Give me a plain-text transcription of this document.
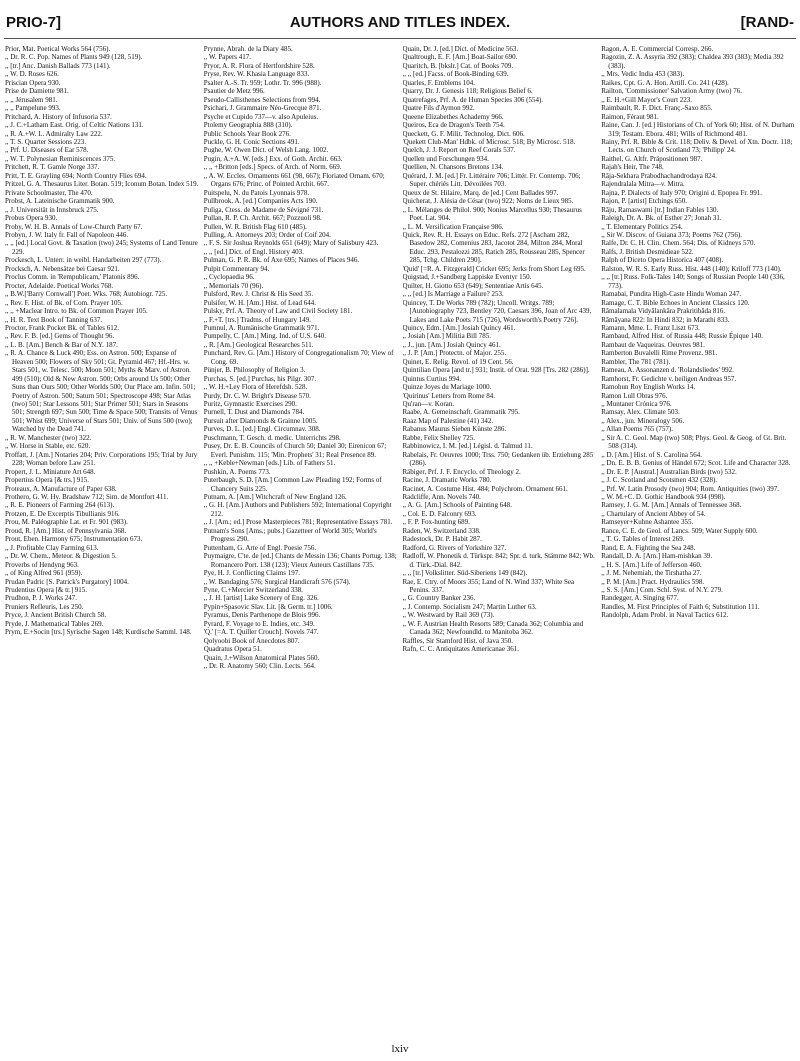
PRIO-7]	AUTHORS AND TITLES INDEX.	[RAND-

Prior, Mat. Poetical Works 564 (756).

,, Dr. R. C. Pop. Names of Plants 949 (128, 519).

,, [tr.] Anc. Danish Ballads 773 (141).

,, W. D. Roses 626.

Priscian Opera 930.

Prise de Damiette 981.

,, ,, Jérusalem 981.

,, ,, Pampelune 993.

Pritchard, A. History of Infusoria 537.

,, J. C.+Latham East. Orig. of Celtic Nations 131.

,, R. A.+W. L. Admiralty Law 222.

,, T. S. Quarter Sessions 223.

,, Prf. U. Diseases of Ear 578.

,, W. T. Polynesian Reminiscences 375.

Pritchett, R. T. Gamle Norge 337.

Pritt, T. E. Grayling 694; North Country Flies 694.

Pritzel, G. A. Thesaurus Liter. Botan. 519; Iconum Botan. Index 519.

Private Schoolmaster, The 470.

Probst, A. Lateinische Grammatik 900.

,, J. Universität in Innsbruck 275.

Probus Opera 930.

Proby, W. H. B. Annals of Low-Church Party 67.

Probyn, J. W. Italy fr. Fall of Napoleon 446.

,, ,, [ed.] Local Govt. & Taxation (two) 245; Systems of Land Tenure 229.

Prockesch, L. Unterr. in weibl. Handarbeiten 297 (773).

Procksch, A. Nebensätze bei Caesar 921.

Proclus Comm. in 'Rempublicam,' Platonis 896.

Procter, Adelaide. Poetical Works 768.

,, B.W.['Barry Cornwall'] Poet. Wks. 768; Autobiogr. 725.

,, Rev. F. Hist. of Bk. of Com. Prayer 105.

,, ,, +Maclear Intro. to Bk. of Common Prayer 105.

,, H. R. Text Book of Tanning 637.

Proctor, Frank Pocket Bk. of Tables 612.

,, Rev. F. B. [ed.] Gems of Thought 96.

,, L. B. [Am.] Bench & Bar of N.Y. 187.

,, R. A. Chance & Luck 490; Ess. on Astron. 500; Expanse of Heaven 500; Flowers of Sky 501; Gt. Pyramid 467; Hf.-Hrs. w. Stars 501, w. Telesc. 500; Moon 501; Myths & Marv. of Astron. 499 (510); Old & New Astron. 500; Orbs around Us 500; Other Suns than Ours 500; Other Worlds 500; Our Place am. Infin. 501; Poetry of Astron. 500; Saturn 501; Spectroscope 498; Star Atlas (two) 501; Star Lessons 501; Star Primer 501; Stars in Seasons 501; Strength 697; Sun 500; Time & Space 500; Transits of Venus 501; Whist 699; Universe of Stars 501; Univ. of Suns 500 (two); Watched by the Dead 741.

,, R. W. Manchester (two) 322.

,, W. Horse in Stable, etc. 620.

Proffatt, J. [Am.] Notaries 204; Priv. Corporations 195; Trial by Jury 228; Woman before Law 251.

Propert, J. L. Miniature Art 648.

Propertius Opera [& trs.] 915.

Proteaux, A. Manufacture of Paper 638.

Prothero, G. W. Hy. Bradshaw 712; Sim. de Montfort 411.

,, R. E. Pioneers of Farming 264 (613).

Protzen, E. De Excerptis Tibullianis 916.

Prou, M. Paléographie Lat. et Fr. 901 (983).

Proud, R. [Am.] Hist. of Pennsylvania 368.

Prout, Eben. Harmony 675; Instrumentation 673.

,, J. Profitable Clay Farming 613.

,, Dr. W. Chem., Meteor. & Digestion 5.

Proverbs of Hendyng 963.

,, of King Alfred 961 (959).

Prudan Padric [S. Patrick's Purgatory] 1004.

Prudentius Opera [& tr.] 915.

Prudhon, P. J. Works 247.

Pruniers Refleuris, Les 250.

Pryce, J. Ancient British Church 58.

Pryde, J. Mathematical Tables 269.

Prym, E.+Socin [trs.] Syrische Sagen 148; Kurdische Samml. 148.

Prynne, Abrah. de la Diary 485.

,, W. Papers 417.

Pryor, A. R. Flora of Hertfordshire 528.

Pryse, Rev. W. Khasia Language 833.

Psalter A.-S. Tr. 959; Lothr. Tr. 996 (988).

Psautier de Metz 996.

Pseudo-Callisthenes Selections from 994.

Psichari, J. Grammaire Néo-Grecque 871.

Psyche et Cupido 737—v. also Apuleius.

Ptolemy Geographia 888 (310).

Public Schools Year Book 276.

Puckle, G. H. Conic Sections 491.

Pughe, W. Owen Dict. of Welsh Lang. 1002.

Pugin, A.+A. W. [eds.] Exx. of Goth. Archit. 663.

,, ,, +Britton [eds.] Specs. of Arch. of Norm. 669.

,, A. W. Eccles. Ornaments 661 (98, 667); Floriated Ornam. 670; Organs 676; Princ. of Pointed Archit. 667.

Puitspelu, N. du Patois Lyonnais 978.

Pullbrook, A. [ed.] Companies Acts 190.

Puliga, Ctess. de Madame de Sévigné 731.

Pullan, R. P. Ch. Archit. 667; Pozzuoli 98.

Pullen, W. R. British Flag 610 (485).

Pulling, A. Attorneys 203; Order of Coif 204.

,, F. S. Sir Joshua Reynolds 651 (649); Mary of Salisbury 423.

,, ,, [ed.] Dict. of Engl. History 403.

Pulman, G. P. R. Bk. of Axe 695; Names of Places 946.

Pulpit Commentary 94.

,, Cyclopaedia 96.

,, Memorials 70 (96).

Pulsford, Rev. J. Christ & His Seed 35.

Pulsifer, W. H. [Am.] Hist. of Lead 644.

Pulsky, Prf. A. Theory of Law and Civil Society 181.

,, F.+T. [trs.] Tradtns. of Hungary 149.

Pumnul, A. Rumänische Grammatik 971.

Pumpelly, C. [Am.] Ming. Ind. of U.S. 640.

,, R. [Am.] Geological Researches 511.

Punchard, Rev. G. [Am.] History of Congregationalism 70; View of Cong. 69.

Pünjer, B. Philosophy of Religion 3.

Purchas, S. [ed.] Purchas, his Pilgr. 307.

,, W. H.+Ley Flora of Herefdsh. 528.

Purdy, Dr. C. W. Bright's Disease 570.

Puritz, Gymnastic Exercises 290.

Purnell, T. Dust and Diamonds 784.

Pursuit after Diamonds & Grainne 1005.

Purves, D. L. [ed.] Engl. Circumnav. 308.

Puschmann, T. Gesch. d. medic. Unterrichts 298.

Pusey, Dr. E. B. Councils of Church 50; Daniel 30; Eirenicon 67; Everl. Punishm. 115; 'Min. Prophets' 31; Real Presence 89.

,, ,, +Keble+Newman [eds.] Lib. of Fathers 51.

Pushkin, A. Poems 773.

Puterbaugh, S. D. [Am.] Common Law Pleading 192; Forms of Chancery Suits 225.

Putnam, A. [Am.] Witchcraft of New England 126.

,, G. H. [Am.] Authors and Publishers 592; International Copyright 212.

,, J. [Am.; ed.] Prose Masterpieces 781; Representative Essays 781.

Putnam's Sons [Ams.; pubs.] Gazetteer of World 305; World's Progress 290.

Puttenham, G. Arte of Engl. Poesie 756.

Puymaigre, C'te. de [ed.] Chants de Messin 136; Chants Portug. 138; Romancero Port. 138 (123); Vieux Auteurs Castillans 735.

Pye, H. J. Conflicting Claims 197.

,, W. Bandaging 576; Surgical Handicraft 576 (574).

Pyne, C.+Mercier Switzerland 338.

,, J. H. [artist] Lake Scenery of Eng. 326.

Pypin+Spasovic Slav. Lit. [& Germ. tr.] 1006.

Pyramus, Denis Parthenope de Blois 996.

Pyrard, F. Voyage to E. Indies, etc. 349.

'Q.' [=A. T. Quiller Crouch]. Novels 747.

Qolyoobi Book of Anecdotes 807.

Quadratus Opera 51.

Quain, J.+Wilson Anatomical Plates 560.

,, Dr. R. Anatomy 560; Clin. Lects. 564.

Quain, Dr. J. [ed.] Dict. of Medicine 563.

Qualtrough, E. F. [Am.] Boat-Sailor 690.

Quaritch, B. [bkslr.] Cat. of Books 709.

,, ,, [ed.] Facss. of Book-Binding 639.

Quarles, F. Emblems 104.

Quarry, Dr. J. Genesis 118; Religious Belief 6.

Quatrefages, Prf. A. de Human Species 306 (554).

Quatre Fils d'Aymon 992.

Queene Elizabethes Achademy 966.

Queiros, Eca de Dragon's Teeth 754.

Queckett, G. F. Milit. Technolog. Dict. 606.

'Quekett Club-Man' Hdbk. of Microsc. 518; By Microsc. 518.

Quelch, J. J. Report on Reef Corals 537.

Quellen und Forschungen 934.

Quellien, N. Chansons Bretons 134.

Quérard, J. M. [ed.] Fr. Littéraire 706; Littér. Fr. Contemp. 706; Super. chériés Litt. Dévoilées 703.

Queux de St. Hilaire, Marq. de [ed.] Cent Ballades 997.

Quicherat, J. Alésia de César (two) 922; Noms de Lieux 985.

,, L. Mélanges de Philol. 900; Nonius Marcellus 930; Thesaurus Poet. Lat. 904.

,, L. M. Versification Française 986.

Quick, Rev. R. H. Essays on Educ. Refs. 272 [Ascham 282, Basedow 282, Comenius 283, Jacotot 284, Milton 284, Moral Educ. 293, Pestalozzi 285, Ratich 285, Rousseau 285, Spencer 285, Tchg. Children 290].

'Quid' [=R. A. Fitzgerald] Cricket 695; Jerks from Short Leg 695.

Quigstad, J.+Sandberg Lappiske Eventyr 150.

Quilter, H. Giotto 653 (649); Sententiae Artis 645.

,, ,, [ed.] Is Marriage a Failure? 253.

Quincey, T. De Works 789 (782); Uncoll. Writgs. 789; [Autobiography 723, Bentley 720, Caesars 396, Joan of Arc 439, Lakes and Lake Poets 715 (726), Wordsworth's Poetry 726].

Quincy, Edm. [Am.] Josiah Quincy 461.

,, Josiah [Am.] Militia Bill 785.

,, J., jun. [Am.] Josiah Quincy 461.

,, J. P. [Am.] Protectn. of Major. 255.

Quinet, E. Relig. Revol. of 19 Cent. 56.

Quintilian Opera [and tr.] 931; Instit. of Orat. 928 [Trs. 282 (286)].

Quintus Curtius 994.

Quinze Joyes du Mariage 1000.

'Quirinus' Letters from Rome 84.

Qu'ran—v. Koran.

Raabe, A. Gemeinschaft. Grammatik 795.

Raaz Map of Palestine (41) 342.

Rabanus Maurus Sieben Künste 286.

Rabbe, Felix Shelley 725.

Rabbinowicz, I. M. [ed.] Législ. d. Talmud 11.

Rabelais, Fr. Oeuvres 1000; Trss. 750; Gedanken üb. Erziehung 285 (286).

Räbiger, Prf. J. F. Encyclo. of Theology 2.

Racine, J. Dramatic Works 780.

Racinet, A. Costume Hist. 484; Polychrom. Ornament 661.

Radcliffe, Ann. Novels 740.

,, A. G. [Am.] Schools of Painting 648.

,, Col. E. D. Falconry 693.

,, F. P. Fox-hunting 689.

Raden, W. Switzerland 338.

Radestock, Dr. P. Habit 287.

Radford, G. Rivers of Yorkshire 327.

Radloff, W. Phonetik d. Türkspr. 842; Spr. d. turk. Stämme 842; Wb. d. Türk.-Dial. 842.

,, ,, [tr.] Volkslitter. Süd-Siberiens 149 (842).

Rae, E. Ctry. of Moors 355; Land of N. Wind 337; White Sea Penins. 337.

,, G. Country Banker 236.

,, J. Contemp. Socialism 247; Martin Luther 63.

,, W. Westward by Rail 369 (73).

,, W. F. Austrian Health Resorts 589; Canada 362; Columbia and Canada 362; Newfoundld. to Manitoba 362.

Raffles, Sir Stamford Hist. of Java 350.

Rafn, C. C. Antiquitates Americanae 361.

Ragon, A. E. Commercial Corresp. 266.

Ragozin, Z. A. Assyria 392 (383); Chaldea 393 (383); Media 392 (383).

,, Mrs. Vedic India 453 (383).

Raikes, Cpt. G. A. Hon. Artill. Co. 241 (428).

Railton, 'Commissioner' Salvation Army (two) 76.

,, E. H.+Gill Mayor's Court 223.

Raimbault, R. F. Dict. Franç.-Saxo 855.

Raimon, Féraut 981.

Raine, Can. J. [ed.] Historians of Ch. of York 60; Hist. of N. Durham 319; Testam. Ebora. 481; Wills of Richmond 481.

Rainy, Prf. R. Bible & Crit. 118; Deliv. & Devel. of Xtn. Doctr. 118; Lects. on Church of Scotland 73; 'Philipp' 24.

Raithel, G. Altfr. Präpositionen 987.

Rajah's Heir, The 748.

Rāja-Sekhara Prabodhachandrodaya 824.

Rajendralala Mitra—v. Mitra.

Rajna, P. Dialects of Italy 970; Origini d. Epopea Fr. 991.

Rajon, P. [artist] Etchings 650.

Rāju, Ramaswami [tr.] Indian Fables 130.

Raleigh, Dr. A. Bk. of Esther 27; Jonah 31.

,, T. Elementary Politics 254.

,, Sir W. Discov. of Guiana 373; Poems 762 (756).

Ralfe, Dr. C. H. Clin. Chem. 564; Dis. of Kidneys 570.

Ralfs, J. British Desmidieae 522.

Ralph of Diceto Opera Historica 407 (408).

Ralston, W. R. S. Early Russ. Hist. 448 (140); Kriloff 773 (140).

,, ,, [tr.] Russ. Folk-Tales 140; Songs of Russian People 140 (336, 773).

Ramabai, Pundita High-Caste Hindu Woman 247.

Ramage, C. T. Bible Echoes in Ancient Classics 120.

Rāmalamala Vidyālankāra Prakritibāda 816.

Rāmāyana 822: In Hindi 832; in Marathi 833.

Ramann, Mme. L. Franz Liszt 673.

Rambaud, Alfred Hist. of Russia 448; Russie Épique 140.

Rambaut de Vaqueiras. Oeuvres 981.

Ramberton Buvalelli Rime Provenz. 981.

Rambler, The 781 (781).

Rameau, A. Assonanzen d. 'Rolandsliedes' 992.

Ramhorst, Fr. Gedichte v. heiligen Andreas 957.

Ramohun Roy English Works 14.

Ramon Lull Obras 976.

,, Muntaner Crónica 976.

Ramsay, Alex. Climate 503.

,, Alex., jun. Mineralogy 506.

,, Allan Poems 765 (757).

,, Sir A. C. Geol. Map (two) 508; Phys. Geol. & Geog. of Gt. Brit. 508 (314).

,, D. [Am.] Hist. of S. Carolina 564.

,, Dn. E. B. B. Genius of Händel 672; Scot. Life and Character 328.

,, Dr. E. P. [Austral.] Australian Birds (two) 532.

,, J. C. Scotland and Scotsmen 432 (328).

,, Prf. W. Latin Prosody (two) 904; Rom. Antiquities (two) 397.

,, W. M.+C. D. Gothic Handbook 934 (998).

Ramsey, J. G. M. [Am.] Annals of Tennessee 368.

,, Chartulary of Ancient Abbey of 54.

Ramseyer+Kuhne Ashantee 355.

Rance, C. E. de Geol. of Lancs. 509; Water Supply 600.

,, T. G. Tables of Interest 269.

Rand, E. A. Fighting the Sea 248.

Randall, D. A. [Am.] Ham-mishkan 39.

,, H. S. [Am.] Life of Jefferson 460.

,, J. M. Nehemiah, the Tirshatha 27.

,, P. M. [Am.] Pract. Hydraulics 598.

,, S. S. [Am.] Com. Schl. Syst. of N.Y. 279.

Randegger, A. Singing 677.

Randles, M. First Principles of Faith 6; Substitution 111.

Randolph, Adam Probl. in Naval Tactics 612.

lxiv
